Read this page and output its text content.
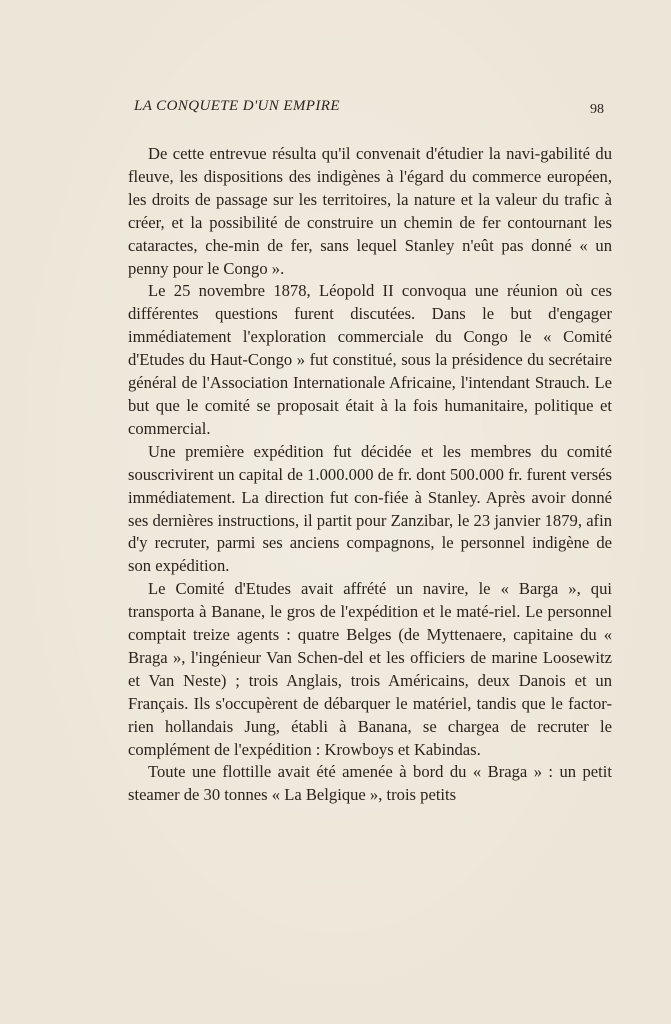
LA CONQUETE D'UN EMPIRE	98

De cette entrevue résulta qu'il convenait d'étudier la navi-gabilité du fleuve, les dispositions des indigènes à l'égard du commerce européen, les droits de passage sur les territoires, la nature et la valeur du trafic à créer, et la possibilité de construire un chemin de fer contournant les cataractes, che-min de fer, sans lequel Stanley n'eût pas donné « un penny pour le Congo ».

Le 25 novembre 1878, Léopold II convoqua une réunion où ces différentes questions furent discutées. Dans le but d'engager immédiatement l'exploration commerciale du Congo le « Comité d'Etudes du Haut-Congo » fut constitué, sous la présidence du secrétaire général de l'Association Internationale Africaine, l'intendant Strauch. Le but que le comité se proposait était à la fois humanitaire, politique et commercial.

Une première expédition fut décidée et les membres du comité souscrivirent un capital de 1.000.000 de fr. dont 500.000 fr. furent versés immédiatement. La direction fut con-fiée à Stanley. Après avoir donné ses dernières instructions, il partit pour Zanzibar, le 23 janvier 1879, afin d'y recruter, parmi ses anciens compagnons, le personnel indigène de son expédition.

Le Comité d'Etudes avait affrété un navire, le « Barga », qui transporta à Banane, le gros de l'expédition et le maté-riel. Le personnel comptait treize agents : quatre Belges (de Myttenaere, capitaine du « Braga », l'ingénieur Van Schen-del et les officiers de marine Loosewitz et Van Neste) ; trois Anglais, trois Américains, deux Danois et un Français. Ils s'occupèrent de débarquer le matériel, tandis que le factor-rien hollandais Jung, établi à Banana, se chargea de recruter le complément de l'expédition : Krowboys et Kabindas.

Toute une flottille avait été amenée à bord du « Braga » : un petit steamer de 30 tonnes « La Belgique », trois petits
